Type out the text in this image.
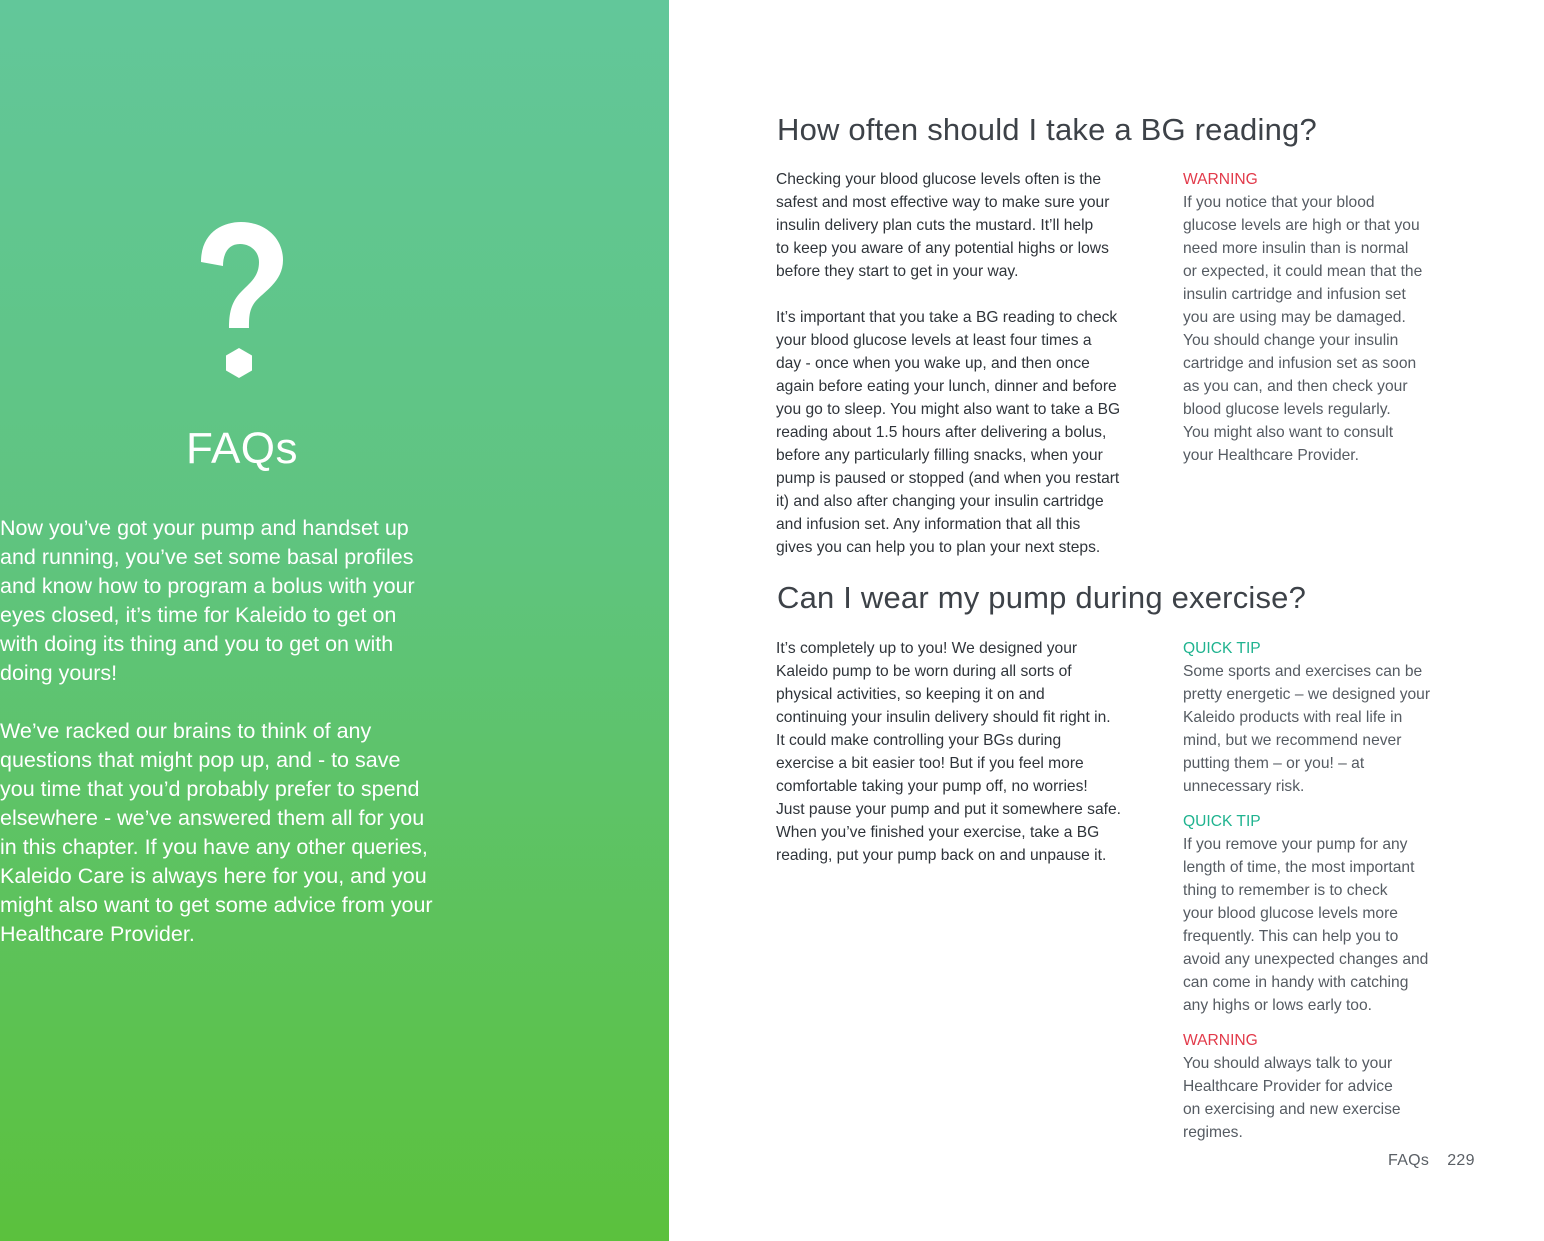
FAQs

Now you’ve got your pump and handset up
and running, you’ve set some basal profiles
and know how to program a bolus with your
eyes closed, it’s time for Kaleido to get on
with doing its thing and you to get on with
doing yours!

We’ve racked our brains to think of any
questions that might pop up, and - to save
you time that you’d probably prefer to spend
elsewhere - we’ve answered them all for you
in this chapter. If you have any other queries,
Kaleido Care is always here for you, and you
might also want to get some advice from your
Healthcare Provider.

How often should I take a BG reading?

Checking your blood glucose levels often is the
safest and most effective way to make sure your
insulin delivery plan cuts the mustard. It’ll help
to keep you aware of any potential highs or lows
before they start to get in your way.

It’s important that you take a BG reading to check
your blood glucose levels at least four times a
day - once when you wake up, and then once
again before eating your lunch, dinner and before
you go to sleep. You might also want to take a BG
reading about 1.5 hours after delivering a bolus,
before any particularly filling snacks, when your
pump is paused or stopped (and when you restart
it) and also after changing your insulin cartridge
and infusion set. Any information that all this
gives you can help you to plan your next steps.

WARNING
If you notice that your blood
glucose levels are high or that you
need more insulin than is normal
or expected, it could mean that the
insulin cartridge and infusion set
you are using may be damaged.
You should change your insulin
cartridge and infusion set as soon
as you can, and then check your
blood glucose levels regularly.
You might also want to consult
your Healthcare Provider.
Can I wear my pump during exercise?

It’s completely up to you! We designed your
Kaleido pump to be worn during all sorts of
physical activities, so keeping it on and
continuing your insulin delivery should fit right in.
It could make controlling your BGs during
exercise a bit easier too! But if you feel more
comfortable taking your pump off, no worries!
Just pause your pump and put it somewhere safe.
When you’ve finished your exercise, take a BG
reading, put your pump back on and unpause it.

QUICK TIP
Some sports and exercises can be
pretty energetic – we designed your
Kaleido products with real life in
mind, but we recommend never
putting them – or you! – at
unnecessary risk.
QUICK TIP
If you remove your pump for any
length of time, the most important
thing to remember is to check
your blood glucose levels more
frequently. This can help you to
avoid any unexpected changes and
can come in handy with catching
any highs or lows early too.
WARNING
You should always talk to your
Healthcare Provider for advice
on exercising and new exercise
regimes.
FAQs 229
